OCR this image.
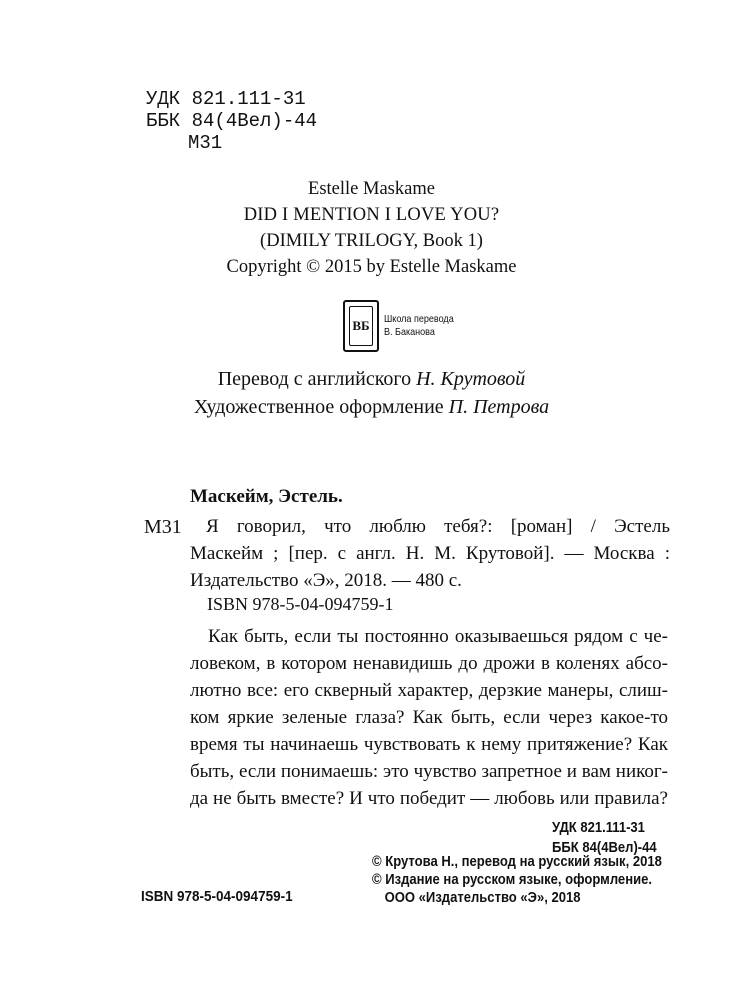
УДК 821.111-31
ББК 84(4Вел)-44
М31
Estelle Maskame
DID I MENTION I LOVE YOU?
(DIMILY TRILOGY, Book 1)
Copyright © 2015 by Estelle Maskame
ВБ	Школа перевода
В. Баканова
Перевод с английского Н. Крутовой
Художественное оформление П. Петрова
Маскейм, Эстель.
М31	Я говорил, что люблю тебя?: [роман] / Эстель
Маскейм ; [пер. с англ. Н. М. Крутовой]. — Москва :
Издательство «Э», 2018. — 480 с.
ISBN 978-5-04-094759-1
Как быть, если ты постоянно оказываешься рядом с че-
ловеком, в котором ненавидишь до дрожи в коленях абсо-
лютно все: его скверный характер, дерзкие манеры, слиш-
ком яркие зеленые глаза? Как быть, если через какое-то
время ты начинаешь чувствовать к нему притяжение? Как
быть, если понимаешь: это чувство запретное и вам никог-
да не быть вместе? И что победит — любовь или правила?
УДК 821.111-31
ББК 84(4Вел)-44
ISBN 978-5-04-094759-1
© Крутова Н., перевод на русский язык, 2018
© Издание на русском языке, оформление.
ООО «Издательство «Э», 2018
